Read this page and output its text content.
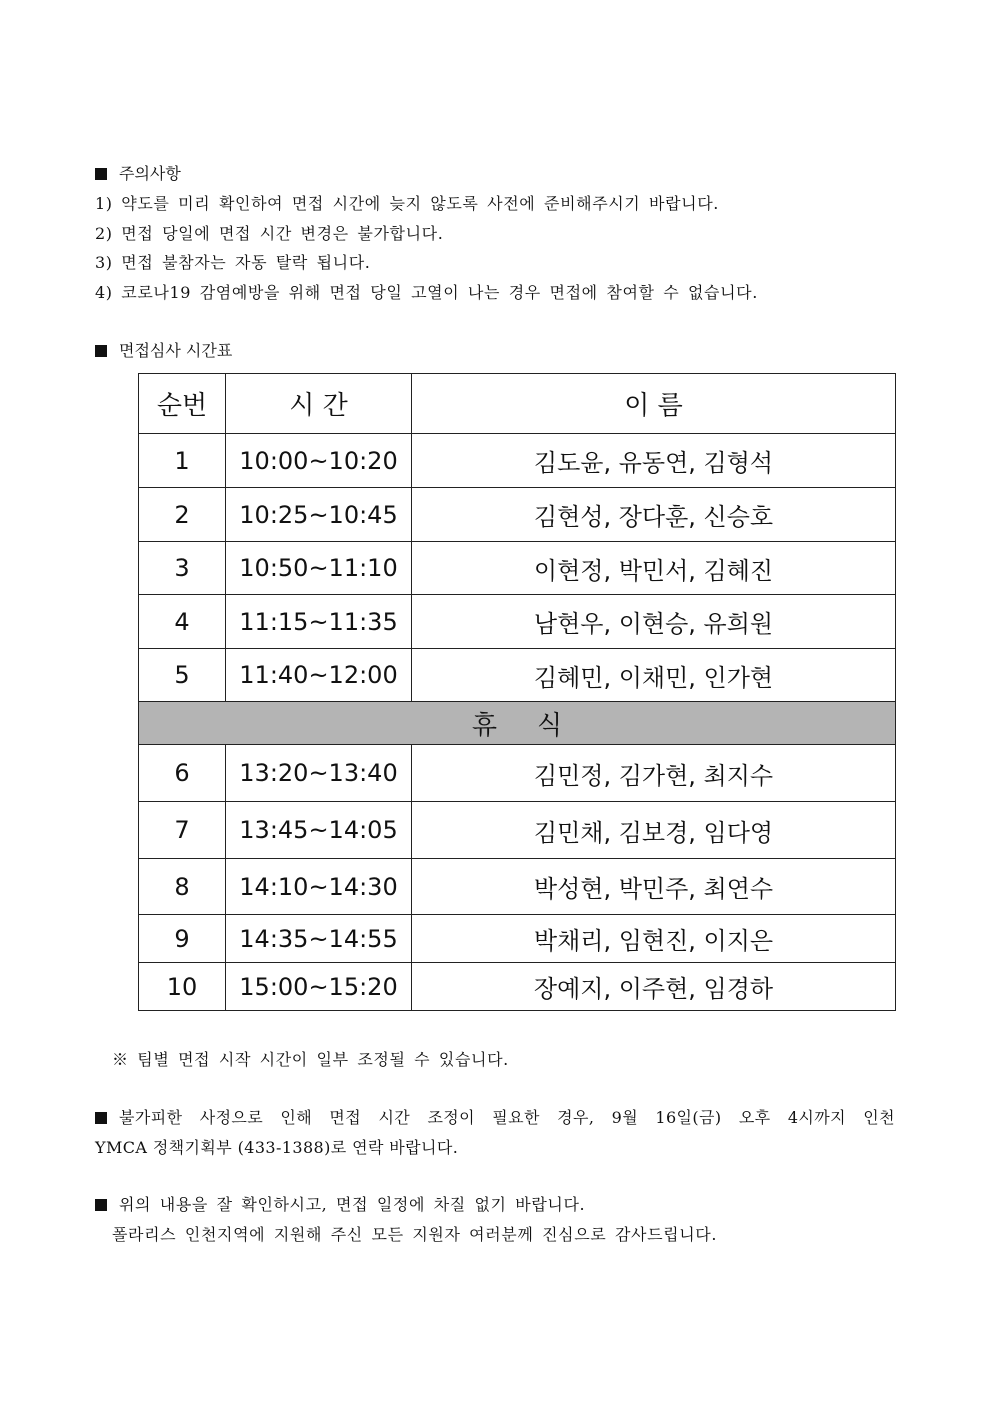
주의사항
1) 약도를 미리 확인하여 면접 시간에 늦지 않도록 사전에 준비해주시기 바랍니다.
2) 면접 당일에 면접 시간 변경은 불가합니다.
3) 면접 불참자는 자동 탈락 됩니다.
4) 코로나19 감염예방을 위해 면접 당일 고열이 나는 경우 면접에 참여할 수 없습니다.
면접심사 시간표
순번	시 간	이 름
1	10:00~10:20	김도윤, 유동연, 김형석
2	10:25~10:45	김현성, 장다훈, 신승호
3	10:50~11:10	이현정, 박민서, 김혜진
4	11:15~11:35	남현우, 이현승, 유희원
5	11:40~12:00	김혜민, 이채민, 인가현
휴식		
6	13:20~13:40	김민정, 김가현, 최지수
7	13:45~14:05	김민채, 김보경, 임다영
8	14:10~14:30	박성현, 박민주, 최연수
9	14:35~14:55	박채리, 임현진, 이지은
10	15:00~15:20	장예지, 이주현, 임경하
※ 팀별 면접 시작 시간이 일부 조정될 수 있습니다.
불가피한 사정으로 인해 면접 시간 조정이 필요한 경우, 9월 16일(금) 오후 4시까지 인천
YMCA 정책기획부 (433-1388)로 연락 바랍니다.
위의 내용을 잘 확인하시고, 면접 일정에 차질 없기 바랍니다.
폴라리스 인천지역에 지원해 주신 모든 지원자 여러분께 진심으로 감사드립니다.
